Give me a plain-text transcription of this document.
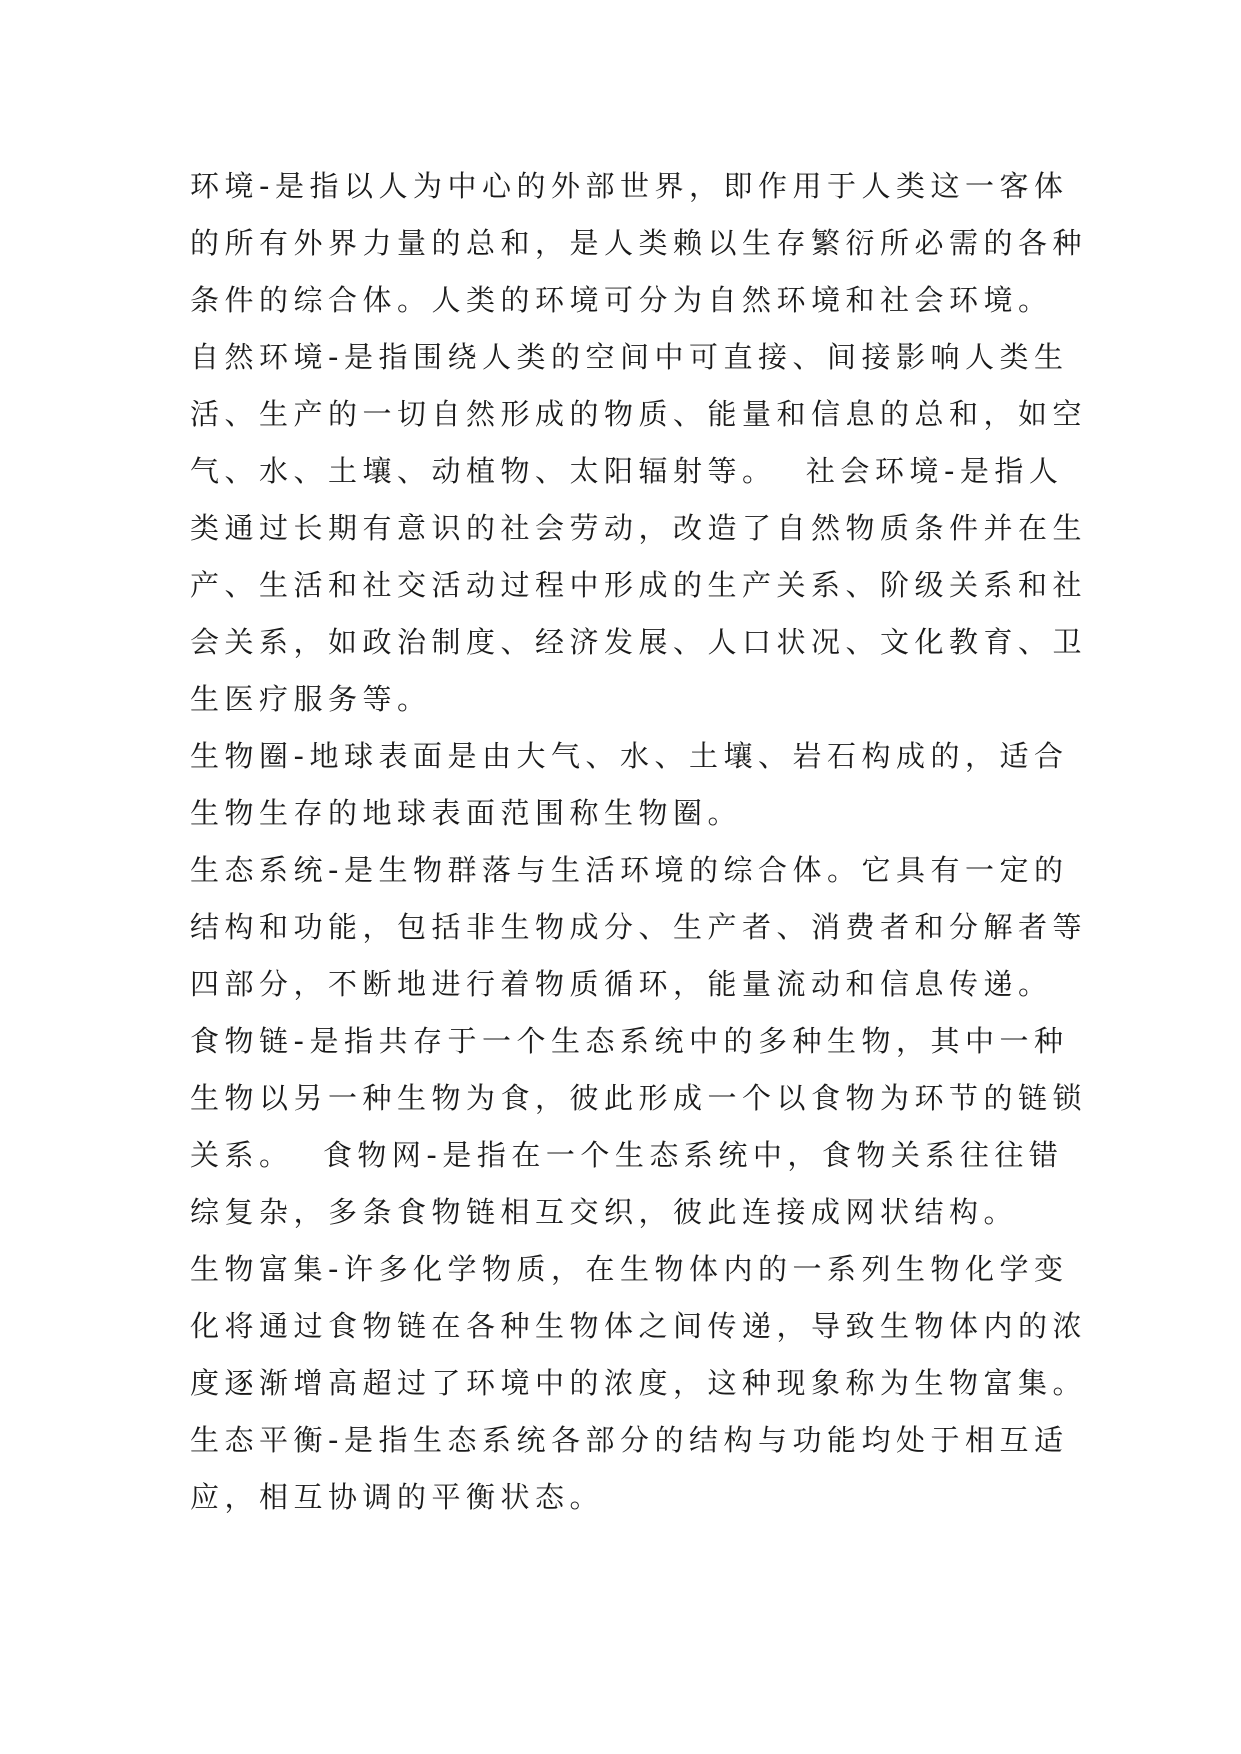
环境-是指以人为中心的外部世界，即作用于人类这一客体
的所有外界力量的总和，是人类赖以生存繁衍所必需的各种
条件的综合体。人类的环境可分为自然环境和社会环境。
自然环境-是指围绕人类的空间中可直接、间接影响人类生
活、生产的一切自然形成的物质、能量和信息的总和，如空
气、水、土壤、动植物、太阳辐射等。  社会环境-是指人
类通过长期有意识的社会劳动，改造了自然物质条件并在生
产、生活和社交活动过程中形成的生产关系、阶级关系和社
会关系，如政治制度、经济发展、人口状况、文化教育、卫
生医疗服务等。
生物圈-地球表面是由大气、水、土壤、岩石构成的，适合
生物生存的地球表面范围称生物圈。
生态系统-是生物群落与生活环境的综合体。它具有一定的
结构和功能，包括非生物成分、生产者、消费者和分解者等
四部分，不断地进行着物质循环，能量流动和信息传递。
食物链-是指共存于一个生态系统中的多种生物，其中一种
生物以另一种生物为食，彼此形成一个以食物为环节的链锁
关系。  食物网-是指在一个生态系统中，食物关系往往错
综复杂，多条食物链相互交织，彼此连接成网状结构。
生物富集-许多化学物质，在生物体内的一系列生物化学变
化将通过食物链在各种生物体之间传递，导致生物体内的浓
度逐渐增高超过了环境中的浓度，这种现象称为生物富集。
生态平衡-是指生态系统各部分的结构与功能均处于相互适
应，相互协调的平衡状态。
